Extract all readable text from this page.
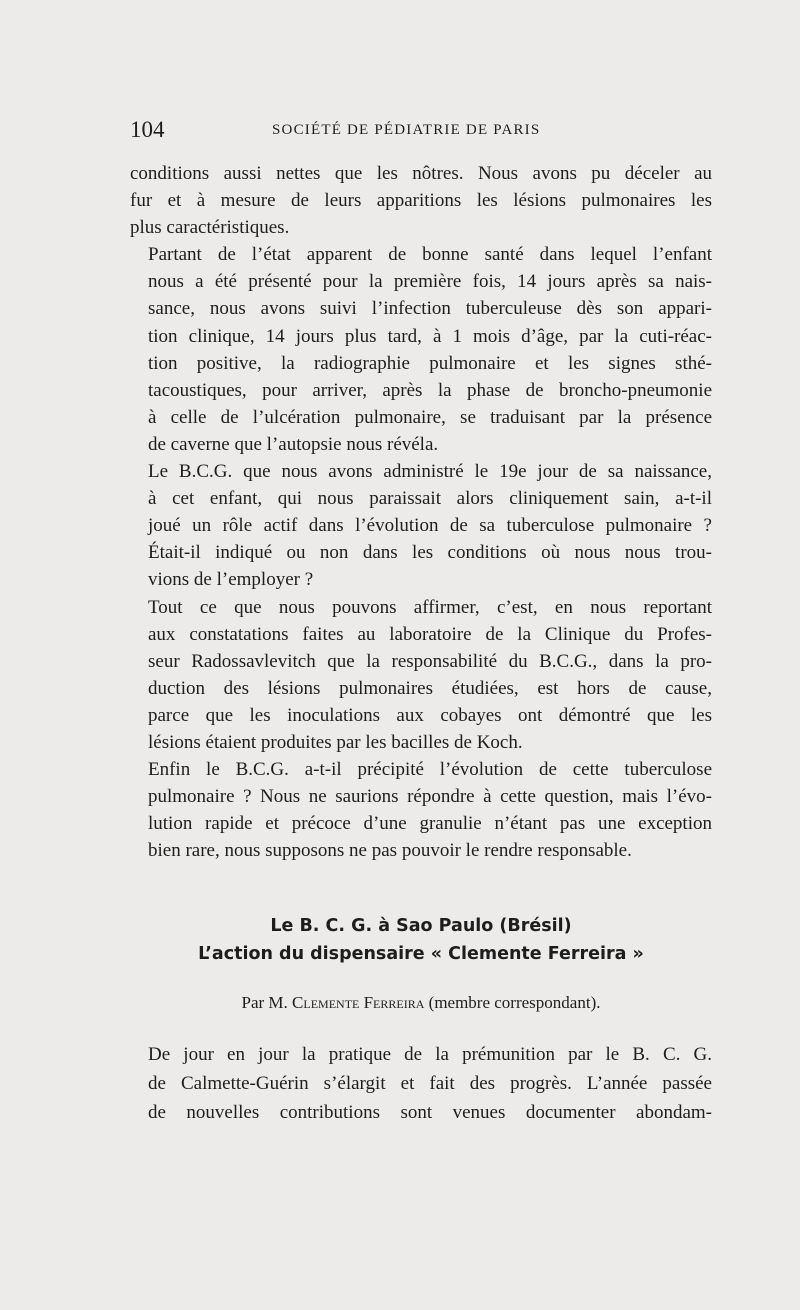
104	SOCIÉTÉ DE PÉDIATRIE DE PARIS

conditions aussi nettes que les nôtres. Nous avons pu déceler au
fur et à mesure de leurs apparitions les lésions pulmonaires les
plus caractéristiques.

Partant de l’état apparent de bonne santé dans lequel l’enfant
nous a été présenté pour la première fois, 14 jours après sa nais-
sance, nous avons suivi l’infection tuberculeuse dès son appari-
tion clinique, 14 jours plus tard, à 1 mois d’âge, par la cuti-réac-
tion positive, la radiographie pulmonaire et les signes sthé-
tacoustiques, pour arriver, après la phase de broncho-pneumonie
à celle de l’ulcération pulmonaire, se traduisant par la présence
de caverne que l’autopsie nous révéla.

Le B.C.G. que nous avons administré le 19e jour de sa naissance,
à cet enfant, qui nous paraissait alors cliniquement sain, a-t-il
joué un rôle actif dans l’évolution de sa tuberculose pulmonaire ?
Était-il indiqué ou non dans les conditions où nous nous trou-
vions de l’employer ?

Tout ce que nous pouvons affirmer, c’est, en nous reportant
aux constatations faites au laboratoire de la Clinique du Profes-
seur Radossavlevitch que la responsabilité du B.C.G., dans la pro-
duction des lésions pulmonaires étudiées, est hors de cause,
parce que les inoculations aux cobayes ont démontré que les
lésions étaient produites par les bacilles de Koch.

Enfin le B.C.G. a-t-il précipité l’évolution de cette tuberculose
pulmonaire ? Nous ne saurions répondre à cette question, mais l’évo-
lution rapide et précoce d’une granulie n’étant pas une exception
bien rare, nous supposons ne pas pouvoir le rendre responsable.

Le B. C. G. à Sao Paulo (Brésil)
L’action du dispensaire « Clemente Ferreira »
Par M. Clemente Ferreira (membre correspondant).

De jour en jour la pratique de la prémunition par le B. C. G.
de Calmette-Guérin s’élargit et fait des progrès. L’année passée
de nouvelles contributions sont venues documenter abondam-
